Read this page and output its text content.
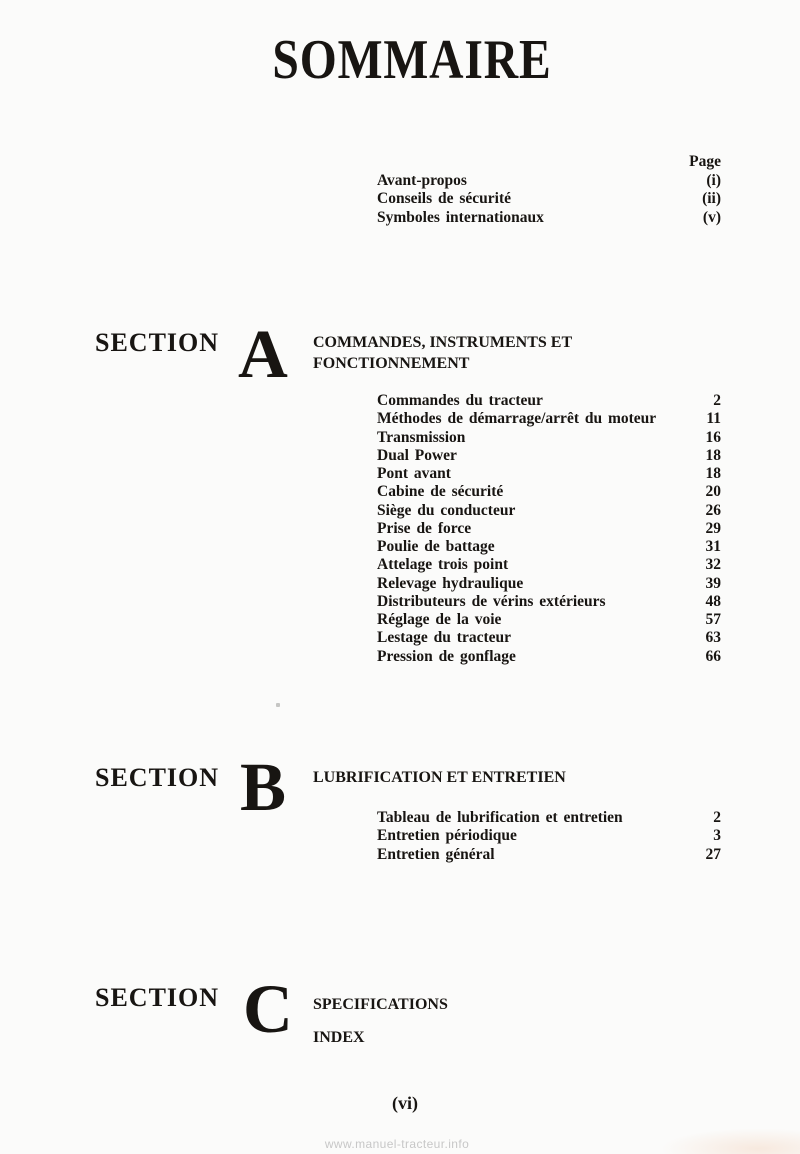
SOMMAIRE
Page
Avant-propos	(i)
Conseils de sécurité	(ii)
Symboles internationaux	(v)
SECTION A COMMANDES, INSTRUMENTS ET
FONCTIONNEMENT
Commandes du tracteur	2
Méthodes de démarrage/arrêt du moteur	11
Transmission	16
Dual Power	18
Pont avant	18
Cabine de sécurité	20
Siège du conducteur	26
Prise de force	29
Poulie de battage	31
Attelage trois point	32
Relevage hydraulique	39
Distributeurs de vérins extérieurs	48
Réglage de la voie	57
Lestage du tracteur	63
Pression de gonflage	66
SECTION B LUBRIFICATION ET ENTRETIEN
Tableau de lubrification et entretien	2
Entretien périodique	3
Entretien général	27
SECTION C SPECIFICATIONS
INDEX
(vi)
www.manuel-tracteur.info
